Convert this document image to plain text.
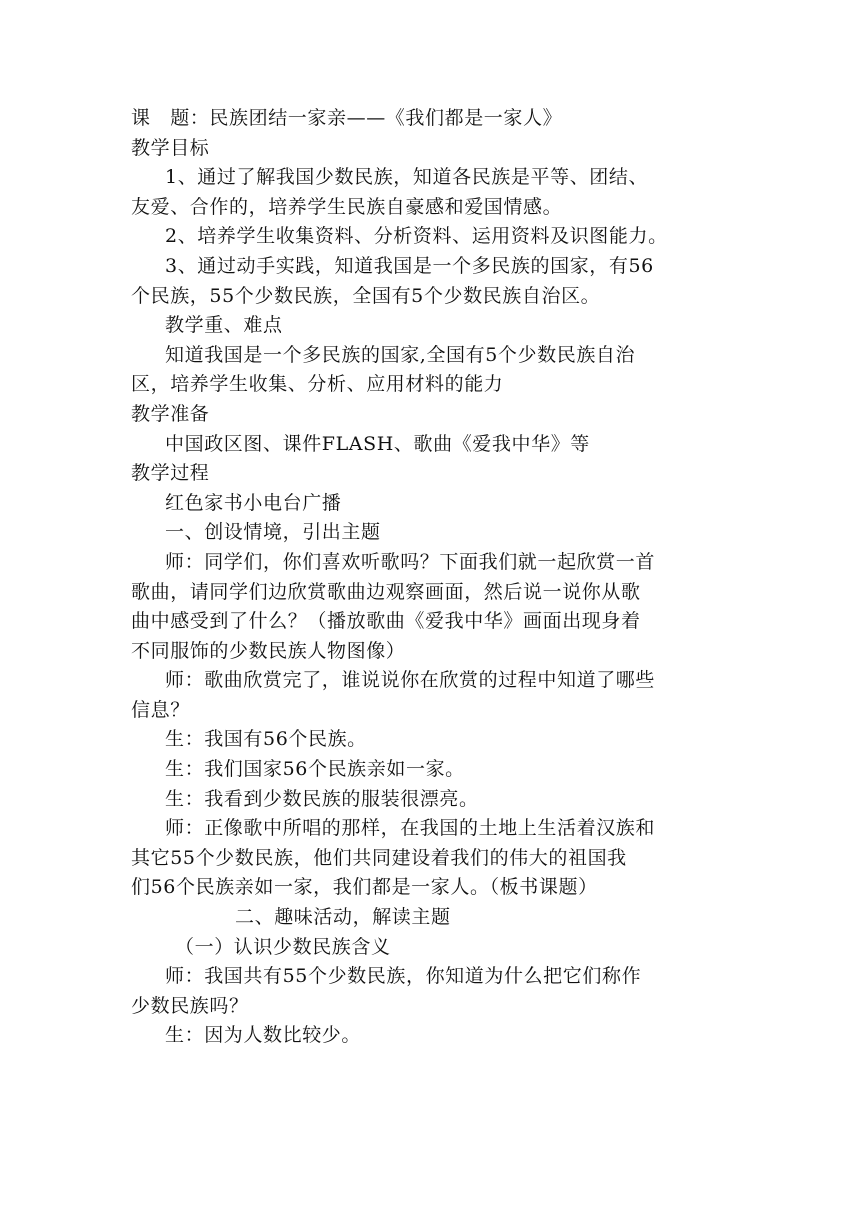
课　题：民族团结一家亲——《我们都是一家人》
教学目标
1、通过了解我国少数民族，知道各民族是平等、团结、
友爱、合作的，培养学生民族自豪感和爱国情感。
2、培养学生收集资料、分析资料、运用资料及识图能力。
3、通过动手实践，知道我国是一个多民族的国家，有56
个民族，55个少数民族，全国有5个少数民族自治区。
教学重、难点
知道我国是一个多民族的国家,全国有5个少数民族自治
区，培养学生收集、分析、应用材料的能力
教学准备
中国政区图、课件FLASH、歌曲《爱我中华》等
教学过程
红色家书小电台广播
一、创设情境，引出主题
师：同学们，你们喜欢听歌吗？下面我们就一起欣赏一首
歌曲，请同学们边欣赏歌曲边观察画面，然后说一说你从歌
曲中感受到了什么？（播放歌曲《爱我中华》画面出现身着
不同服饰的少数民族人物图像）
师：歌曲欣赏完了，谁说说你在欣赏的过程中知道了哪些
信息？
生：我国有56个民族。
生：我们国家56个民族亲如一家。
生：我看到少数民族的服装很漂亮。
师：正像歌中所唱的那样，在我国的土地上生活着汉族和
其它55个少数民族，他们共同建设着我们的伟大的祖国我
们56个民族亲如一家，我们都是一家人。（板书课题）
二、趣味活动，解读主题
（一）认识少数民族含义
师：我国共有55个少数民族，你知道为什么把它们称作
少数民族吗？
生：因为人数比较少。
